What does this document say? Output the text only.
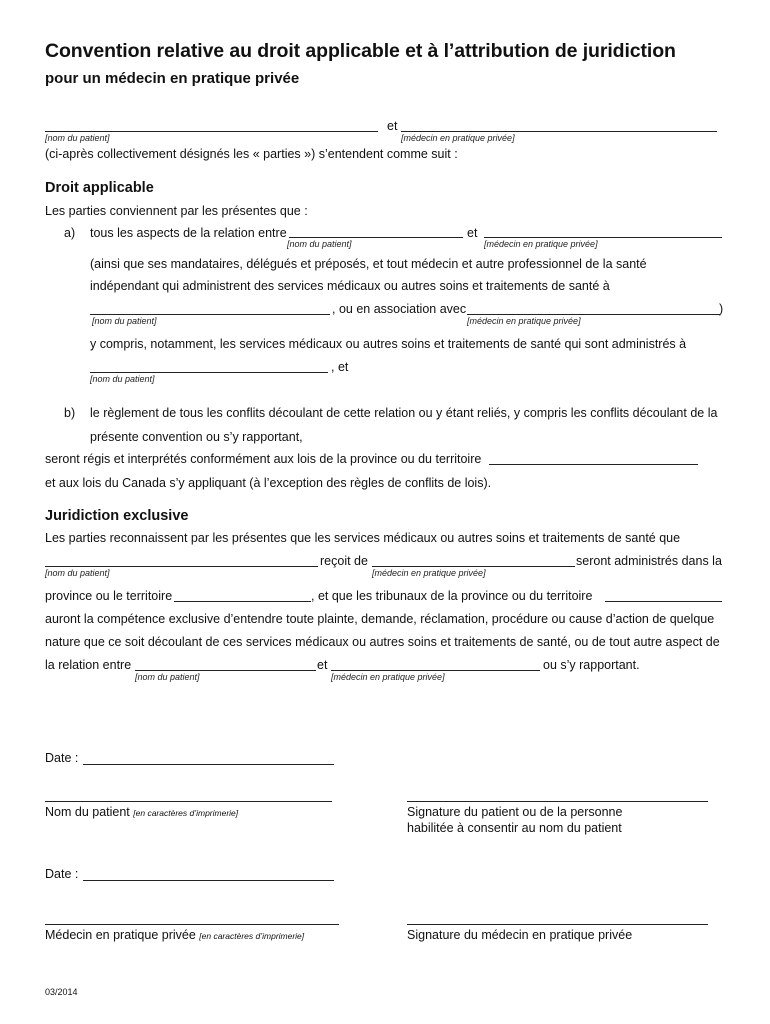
Convention relative au droit applicable et à l’attribution de juridiction
pour un médecin en pratique privée
et
[nom du patient]	[médecin en pratique privée]
(ci-après collectivement désignés les « parties ») s’entendent comme suit :
Droit applicable
Les parties conviennent par les présentes que :
a) tous les aspects de la relation entre	et
[nom du patient]	[médecin en pratique privée]
(ainsi que ses mandataires, délégués et préposés, et tout médecin et autre professionnel de la santé
indépendant qui administrent des services médicaux ou autres soins et traitements de santé à
, ou en association avec	)
[nom du patient]	[médecin en pratique privée]
y compris, notamment, les services médicaux ou autres soins et traitements de santé qui sont administrés à
, et
[nom du patient]
b) le règlement de tous les conflits découlant de cette relation ou y étant reliés, y compris les conflits découlant de la
présente convention ou s’y rapportant,
seront régis et interprétés conformément aux lois de la province ou du territoire
et aux lois du Canada s’y appliquant (à l’exception des règles de conflits de lois).
Juridiction exclusive
Les parties reconnaissent par les présentes que les services médicaux ou autres soins et traitements de santé que
reçoit de	seront administrés dans la
[nom du patient]	[médecin en pratique privée]
province ou le territoire	, et que les tribunaux de la province ou du territoire
auront la compétence exclusive d’entendre toute plainte, demande, réclamation, procédure ou cause d’action de quelque
nature que ce soit découlant de ces services médicaux ou autres soins et traitements de santé, ou de tout autre aspect de
la relation entre	et	ou s’y rapportant.
[nom du patient]	[médecin en pratique privée]
Date :
Nom du patient [en caractères d’imprimerie]	Signature du patient ou de la personne
habilitée à consentir au nom du patient
Date :
Médecin en pratique privée [en caractères d’imprimerie]	Signature du médecin en pratique privée
03/2014
